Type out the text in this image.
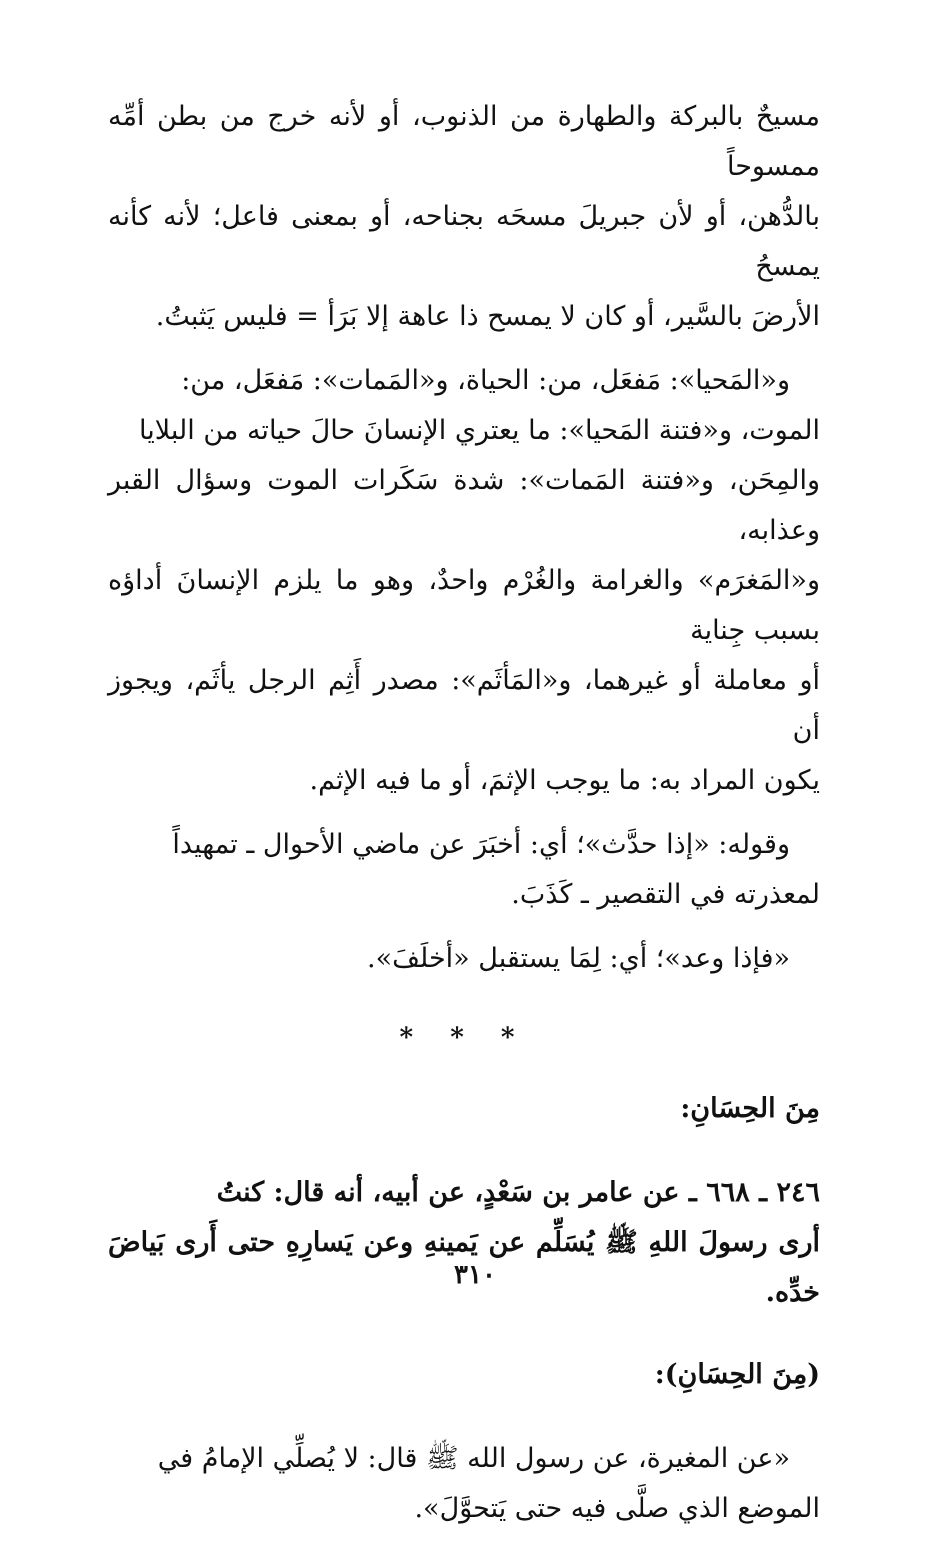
مسيحٌ بالبركة والطهارة من الذنوب، أو لأنه خرج من بطن أمِّه ممسوحاً
بالدُّهن، أو لأن جبريلَ مسحَه بجناحه، أو بمعنى فاعل؛ لأنه كأنه يمسحُ
الأرضَ بالسَّير، أو كان لا يمسح ذا عاهة إلا بَرَأ = فليس يَثبتُ.

و«المَحيا»: مَفعَل، من: الحياة، و«المَمات»: مَفعَل، من:
الموت، و«فتنة المَحيا»: ما يعتري الإنسانَ حالَ حياته من البلايا
والمِحَن، و«فتنة المَمات»: شدة سَكَرات الموت وسؤال القبر وعذابه،
و«المَغرَم» والغرامة والغُرْم واحدٌ، وهو ما يلزم الإنسانَ أداؤه بسبب جِناية
أو معاملة أو غيرهما، و«المَأثَم»: مصدر أَثِم الرجل يأثَم، ويجوز أن
يكون المراد به: ما يوجب الإثمَ، أو ما فيه الإثم.

وقوله: «إذا حدَّث»؛ أي: أخبَرَ عن ماضي الأحوال ـ تمهيداً
لمعذرته في التقصير ـ كَذَبَ.

«فإذا وعد»؛ أي: لِمَا يستقبل «أخلَفَ».

* * *
مِنَ الحِسَانِ:

٢٤٦ ـ ٦٦٨ ـ عن عامر بن سَعْدٍ، عن أبيه، أنه قال: كنتُ
أرى رسولَ اللهِ ﷺ يُسَلِّم عن يَمينهِ وعن يَسارِهِ حتى أَرى بَياضَ خدِّه.

(مِنَ الحِسَانِ):

«عن المغيرة، عن رسول الله ﷺ قال: لا يُصلِّي الإمامُ في
الموضع الذي صلَّى فيه حتى يَتحوَّلَ».

٣١٠
